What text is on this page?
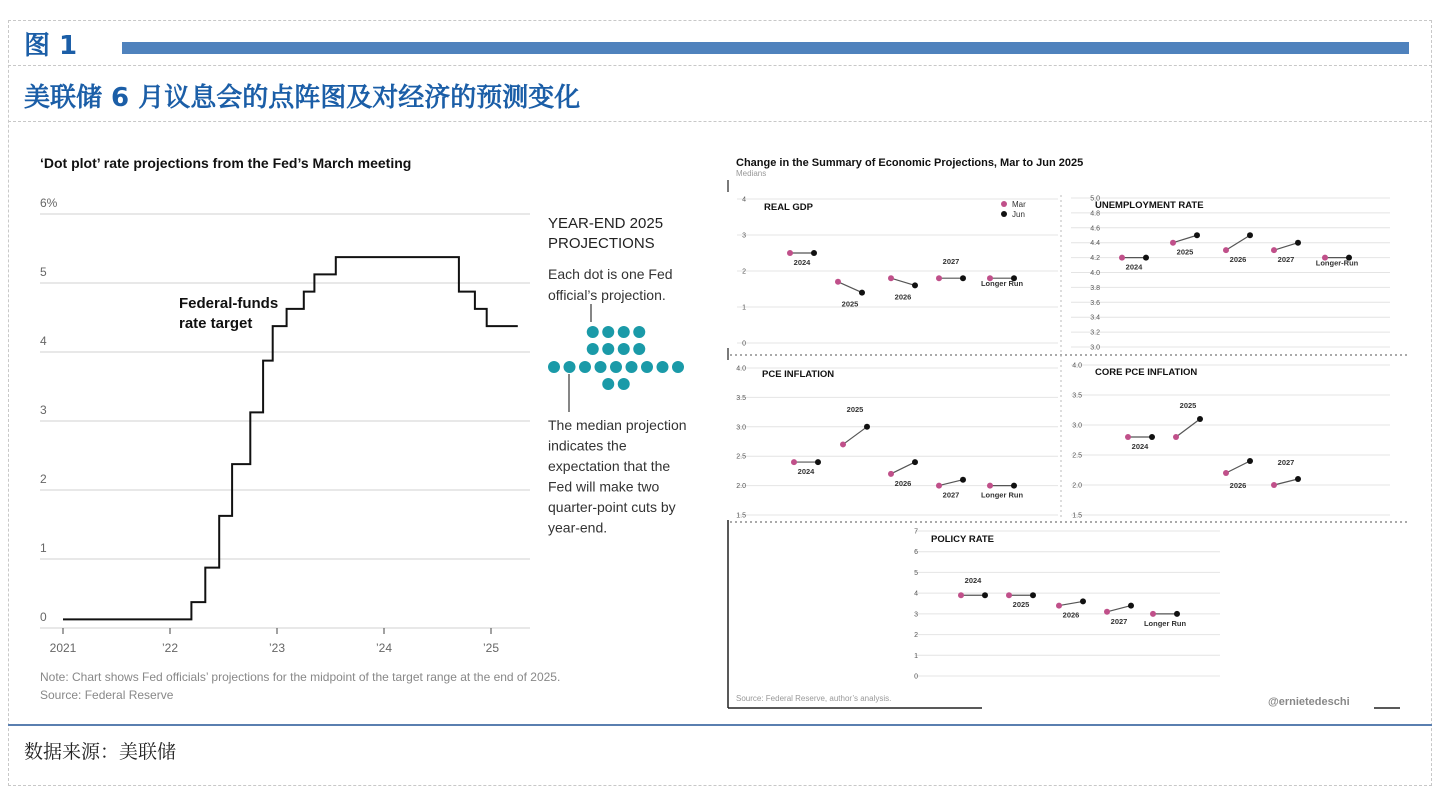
图 1
美联储 6 月议息会的点阵图及对经济的预测变化
‘Dot plot’ rate projections from the Fed’s March meeting
Federal-funds
rate target
YEAR-END 2025
PROJECTIONS
Note: Chart shows Fed officials’ projections for the midpoint of the target range at the end of 2025.
Source: Federal Reserve
0
1
2
3
4
5
6%
2021	’22	’23	’24	’25
Each dot is one Fed
official’s projection.
The median projection
indicates the
expectation that the
Fed will make two
quarter-point cuts by
year-end.
Change in the Summary of Economic Projections, Mar to Jun 2025
Medians
Source: Federal Reserve, author’s analysis.	@ernietedeschi
REAL GDP
0
1
2
3
4
2024
2025
2026
2027
Longer Run
UNEMPLOYMENT RATE
3.0
3.2
3.4
3.6
3.8
4.0
4.2
4.4
4.6
4.8
5.0
2024
2025
2026	2027	Longer-Run
PCE INFLATION
1.5
2.0
2.5
3.0
3.5
4.0
2024
2025
2026
2027	Longer Run
CORE PCE INFLATION
1.5
2.0
2.5
3.0
3.5
4.0
2024
2025
2026
2027
POLICY RATE
0
1
2
3
4
5
6
7
2024
2025
2026
2027 Longer Run
Mar
Jun
数据来源：美联储
